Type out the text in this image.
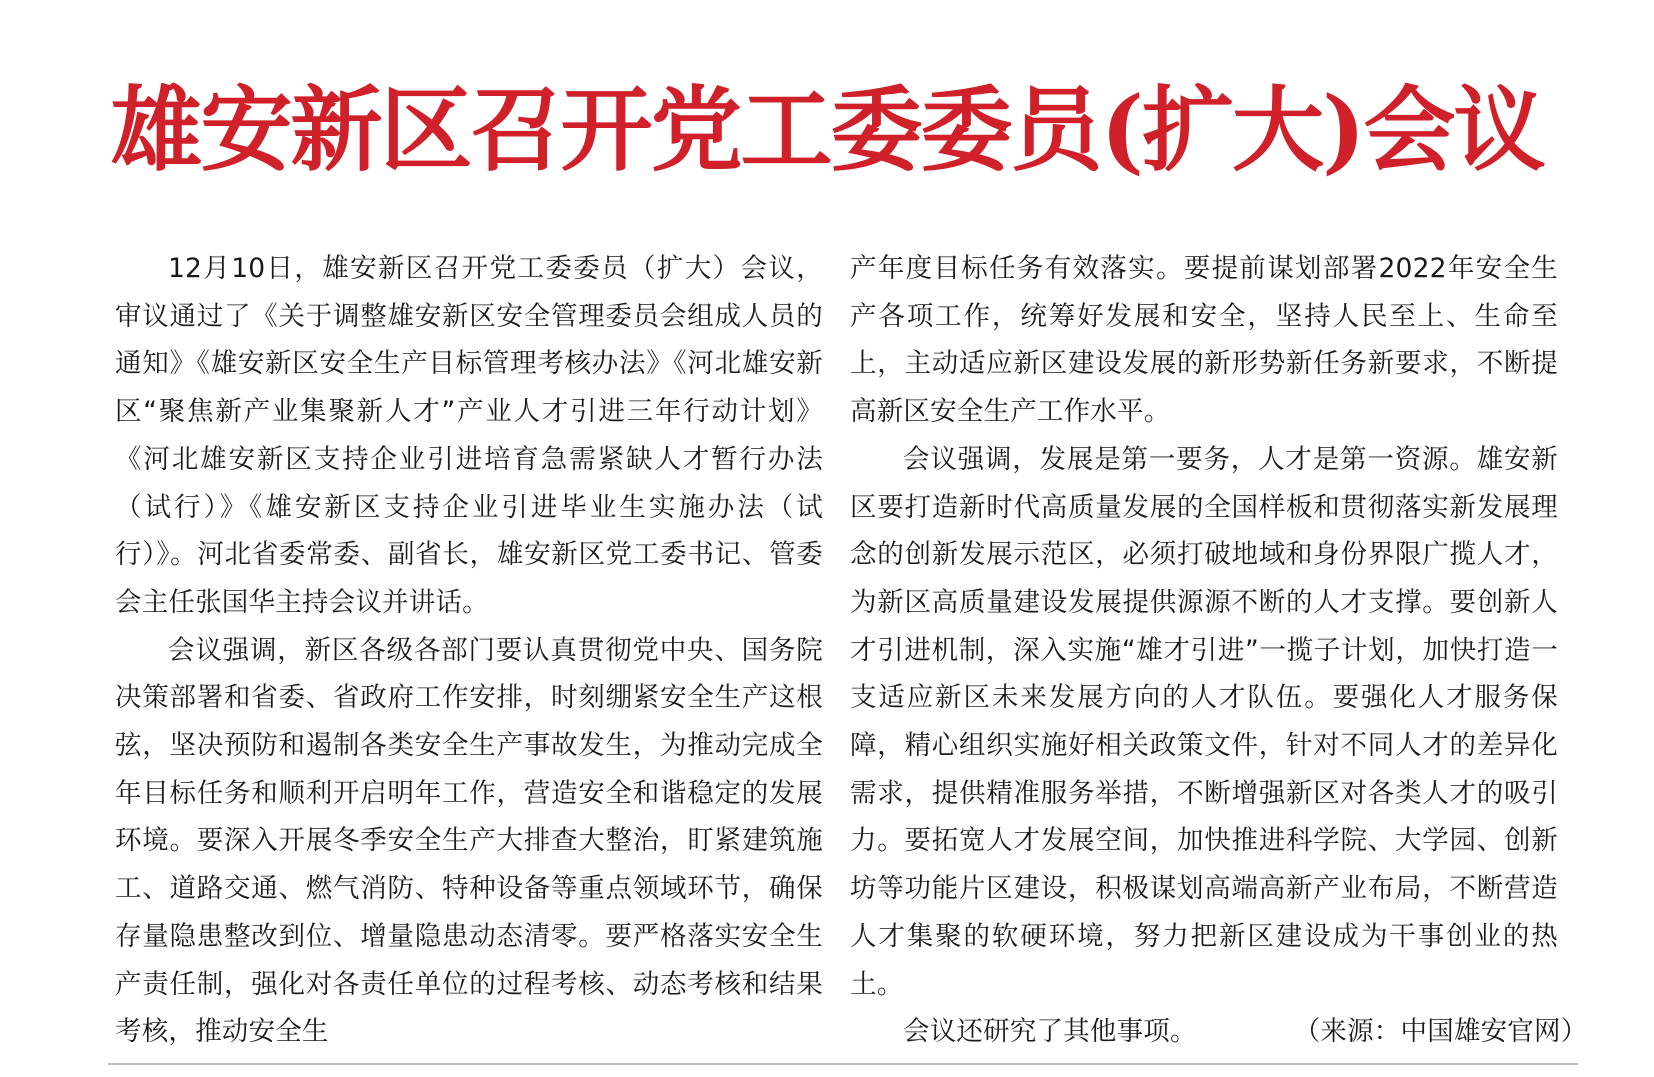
雄安新区召开党工委委员(扩大)会议

12月10日，雄安新区召开党工委委员（扩大）会议，审议通过了《关于调整雄安新区安全管理委员会组成人员的通知》《雄安新区安全生产目标管理考核办法》《河北雄安新区“聚焦新产业集聚新人才”产业人才引进三年行动计划》《河北雄安新区支持企业引进培育急需紧缺人才暂行办法（试行）》《雄安新区支持企业引进毕业生实施办法（试行）》。河北省委常委、副省长，雄安新区党工委书记、管委会主任张国华主持会议并讲话。

会议强调，新区各级各部门要认真贯彻党中央、国务院决策部署和省委、省政府工作安排，时刻绷紧安全生产这根弦，坚决预防和遏制各类安全生产事故发生，为推动完成全年目标任务和顺利开启明年工作，营造安全和谐稳定的发展环境。要深入开展冬季安全生产大排查大整治，盯紧建筑施工、道路交通、燃气消防、特种设备等重点领域环节，确保存量隐患整改到位、增量隐患动态清零。要严格落实安全生产责任制，强化对各责任单位的过程考核、动态考核和结果考核，推动安全生

产年度目标任务有效落实。要提前谋划部署2022年安全生产各项工作，统筹好发展和安全，坚持人民至上、生命至上，主动适应新区建设发展的新形势新任务新要求，不断提高新区安全生产工作水平。

会议强调，发展是第一要务，人才是第一资源。雄安新区要打造新时代高质量发展的全国样板和贯彻落实新发展理念的创新发展示范区，必须打破地域和身份界限广揽人才，为新区高质量建设发展提供源源不断的人才支撑。要创新人才引进机制，深入实施“雄才引进”一揽子计划，加快打造一支适应新区未来发展方向的人才队伍。要强化人才服务保障，精心组织实施好相关政策文件，针对不同人才的差异化需求，提供精准服务举措，不断增强新区对各类人才的吸引力。要拓宽人才发展空间，加快推进科学院、大学园、创新坊等功能片区建设，积极谋划高端高新产业布局，不断营造人才集聚的软硬环境，努力把新区建设成为干事创业的热土。

会议还研究了其他事项。	（来源：中国雄安官网）
